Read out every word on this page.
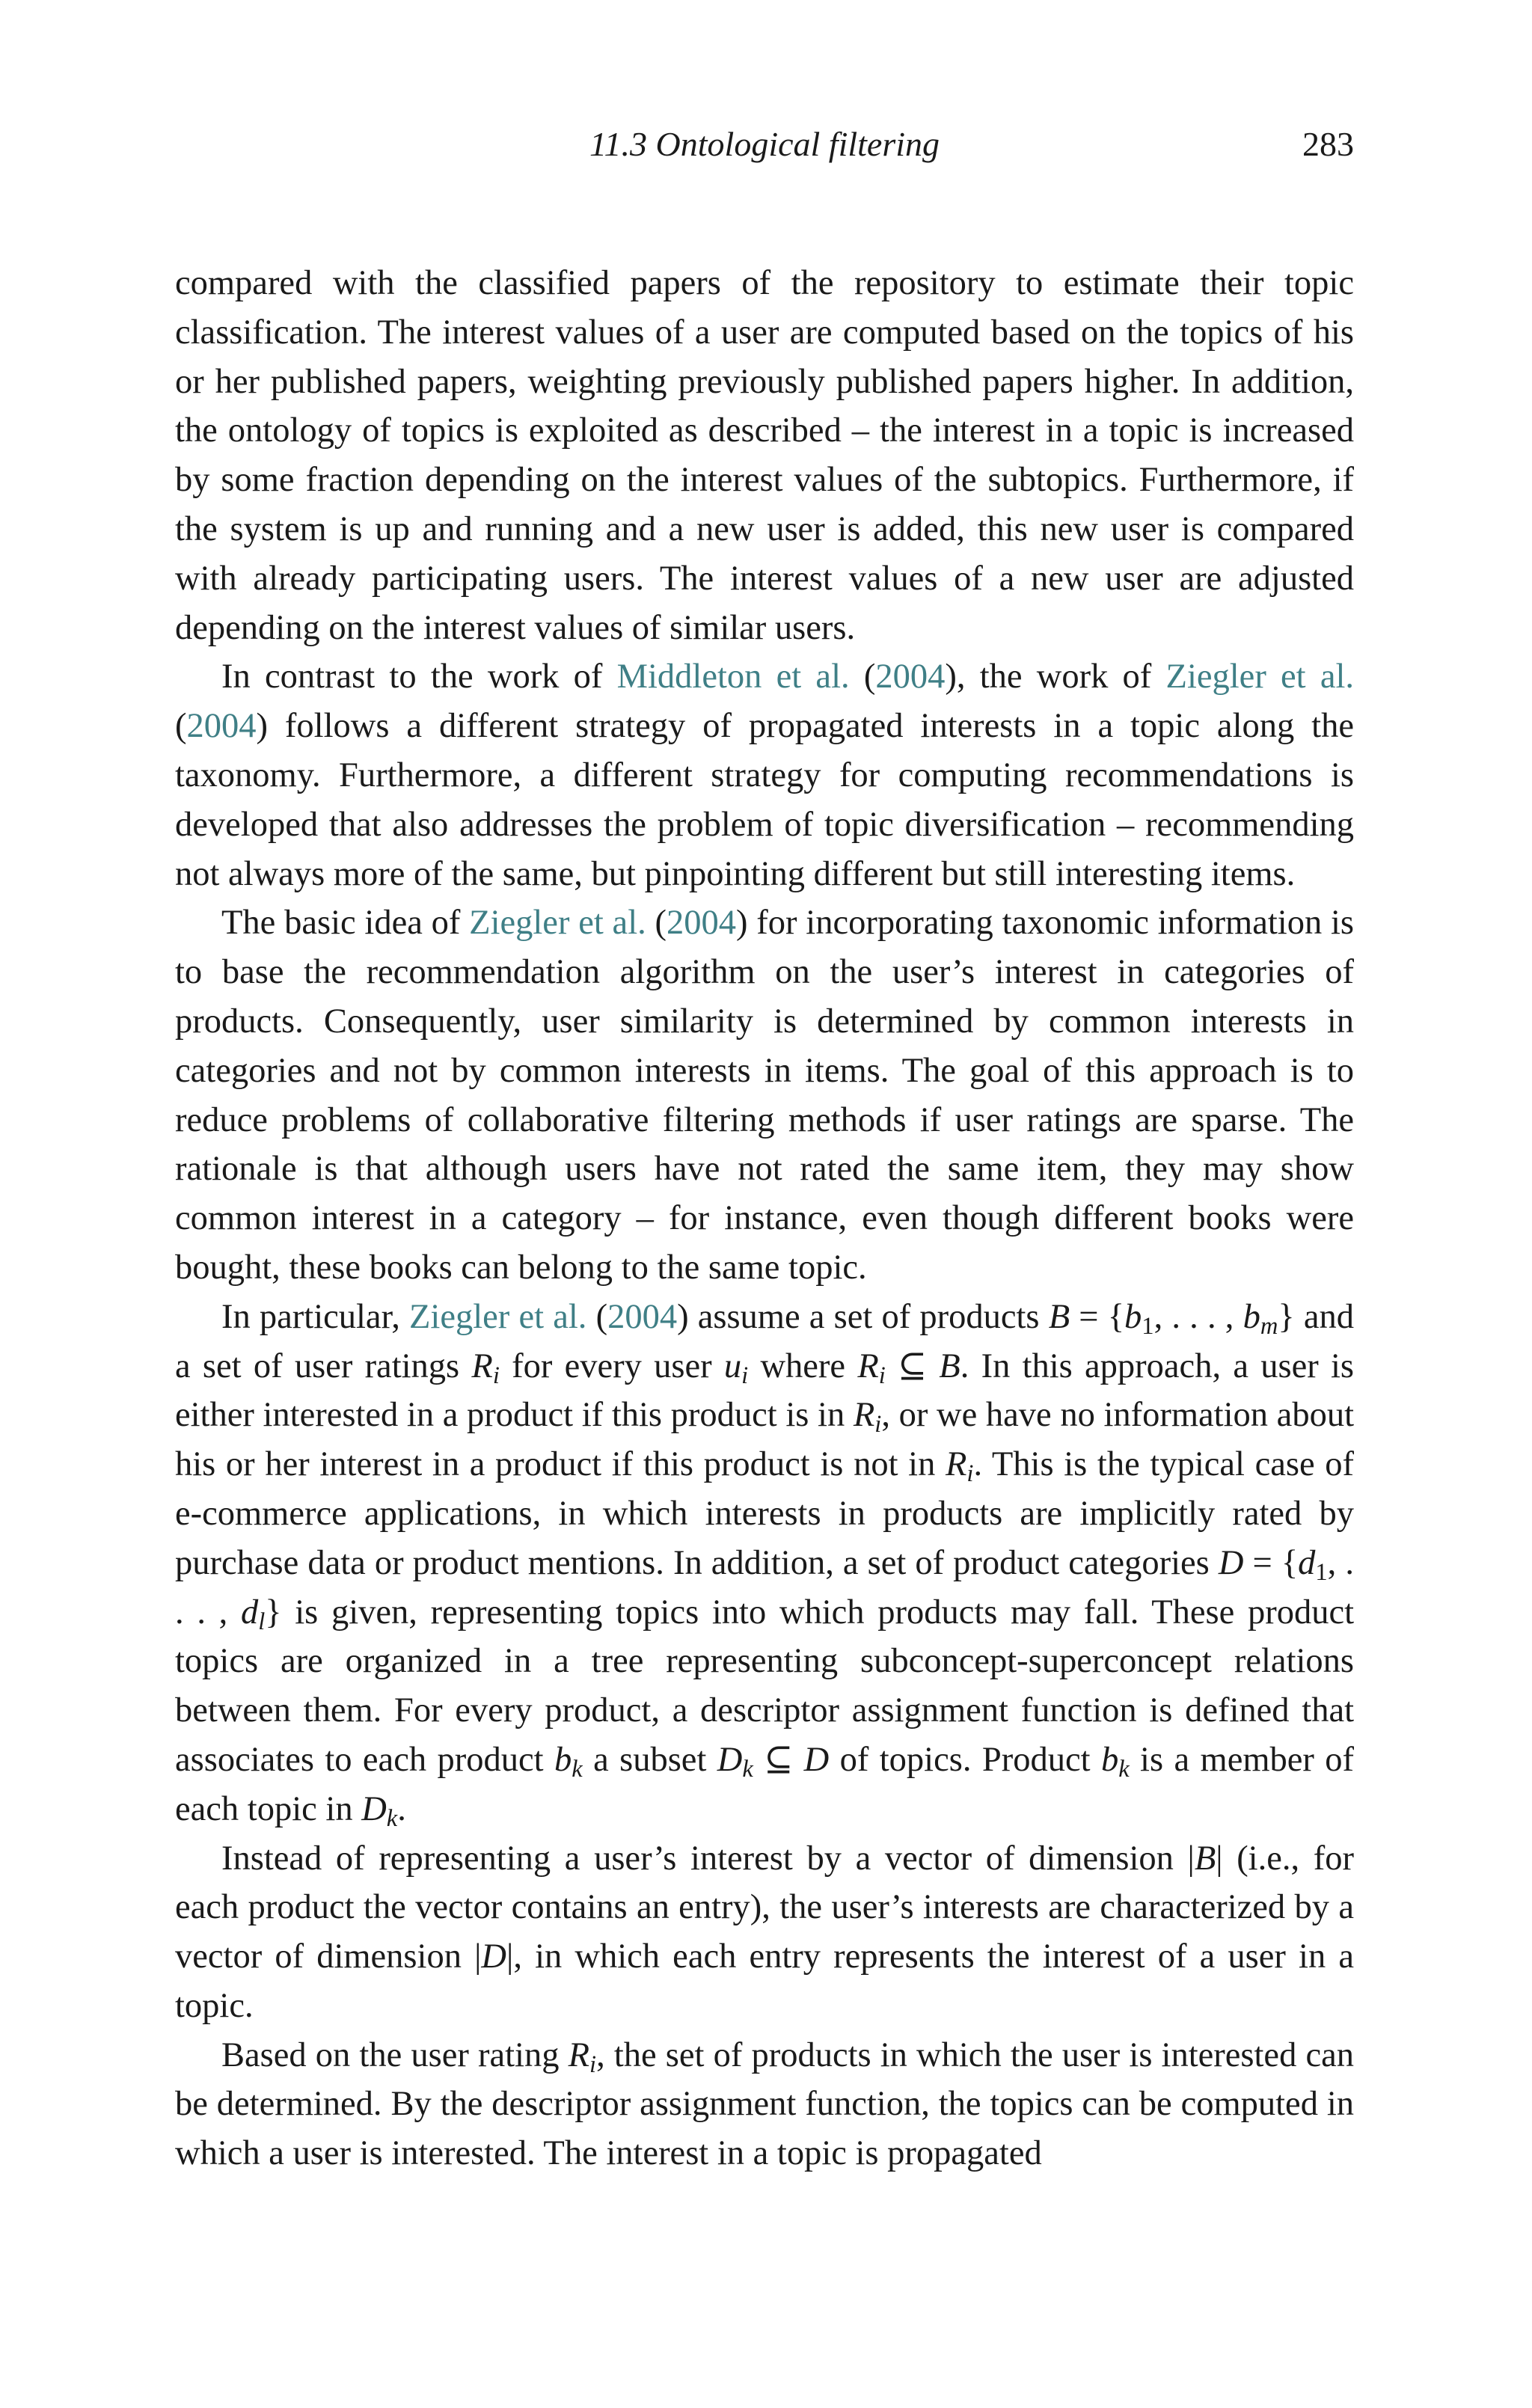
11.3 Ontological filtering	283

compared with the classified papers of the repository to estimate their topic classification. The interest values of a user are computed based on the topics of his or her published papers, weighting previously published papers higher. In addition, the ontology of topics is exploited as described – the interest in a topic is increased by some fraction depending on the interest values of the subtopics. Furthermore, if the system is up and running and a new user is added, this new user is compared with already participating users. The interest values of a new user are adjusted depending on the interest values of similar users.

In contrast to the work of Middleton et al. (2004), the work of Ziegler et al. (2004) follows a different strategy of propagated interests in a topic along the taxonomy. Furthermore, a different strategy for computing recommendations is developed that also addresses the problem of topic diversification – recommending not always more of the same, but pinpointing different but still interesting items.

The basic idea of Ziegler et al. (2004) for incorporating taxonomic information is to base the recommendation algorithm on the user’s interest in categories of products. Consequently, user similarity is determined by common interests in categories and not by common interests in items. The goal of this approach is to reduce problems of collaborative filtering methods if user ratings are sparse. The rationale is that although users have not rated the same item, they may show common interest in a category – for instance, even though different books were bought, these books can belong to the same topic.

In particular, Ziegler et al. (2004) assume a set of products $B = \{b_1$, . . . , $b_m$} and a set of user ratings $R_i$ for every user $u_i$ where $R_i$ ⊆ B. In this approach, a user is either interested in a product if this product is in $R_i$, or we have no information about his or her interest in a product if this product is not in $R_i$. This is the typical case of e-commerce applications, in which interests in products are implicitly rated by purchase data or product mentions. In addition, a set of product categories $D = \{d_1$, . . . , $d_l$} is given, representing topics into which products may fall. These product topics are organized in a tree representing subconcept-superconcept relations between them. For every product, a descriptor assignment function is defined that associates to each product $b_k$ a subset $D_k$ ⊆ D of topics. Product $b_k$ is a member of each topic in $D_k$.

Instead of representing a user’s interest by a vector of dimension |B| (i.e., for each product the vector contains an entry), the user’s interests are characterized by a vector of dimension |D|, in which each entry represents the interest of a user in a topic.

Based on the user rating $R_i$, the set of products in which the user is interested can be determined. By the descriptor assignment function, the topics can be computed in which a user is interested. The interest in a topic is propagated
